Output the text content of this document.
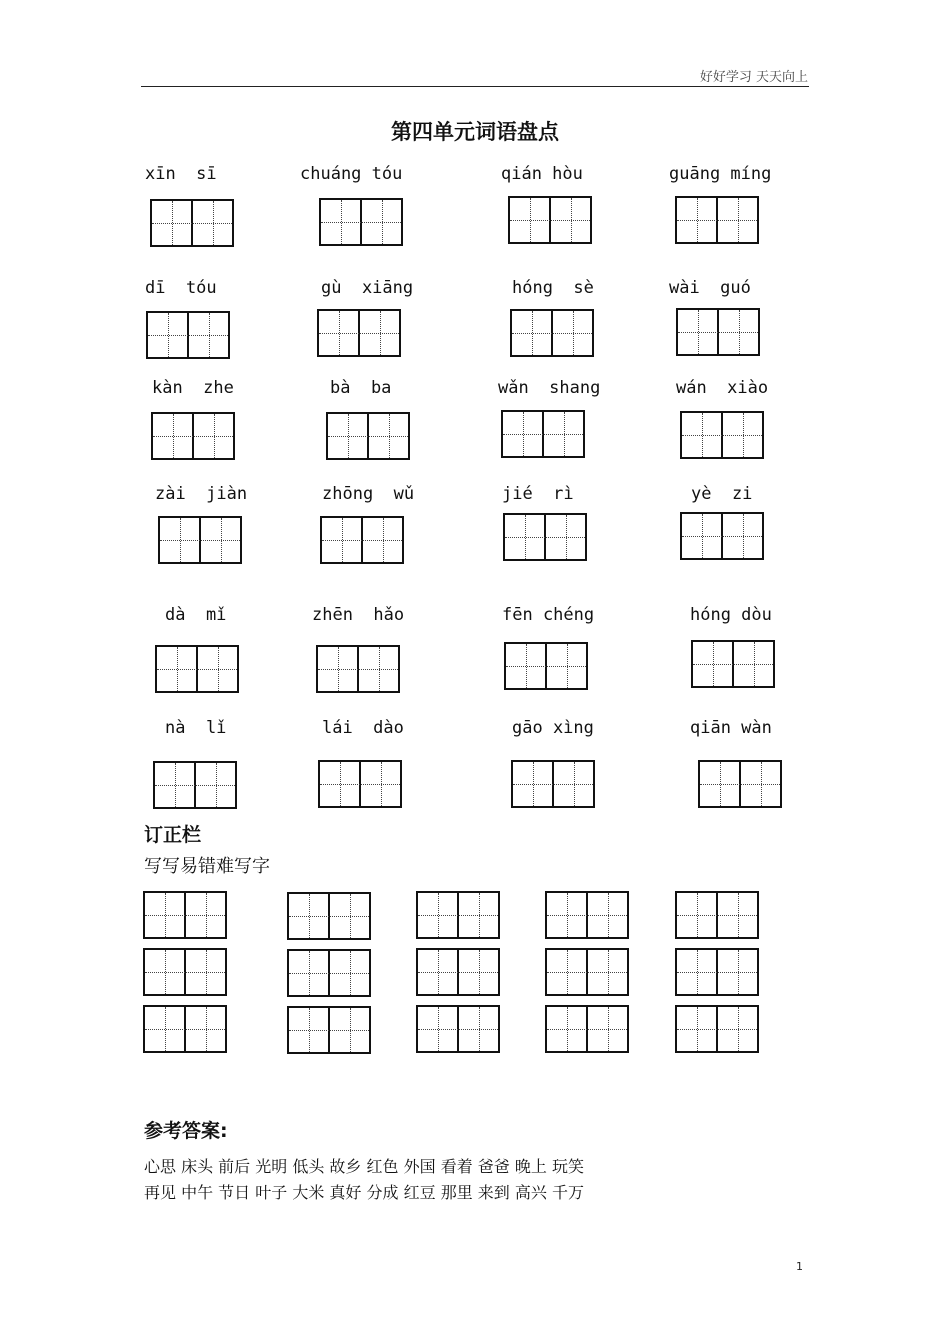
好好学习 天天向上
第四单元词语盘点
xīn  sī	chuáng tóu	qián hòu	guāng míng
dī  tóu	gù  xiāng	hóng  sè	wài  guó
kàn  zhe	bà  ba	wǎn  shang	wán  xiào
zài  jiàn	zhōng  wǔ	jié  rì	yè  zi
dà  mǐ	zhēn  hǎo	fēn chéng	hóng dòu
nà  lǐ	lái  dào	gāo xìng	qiān wàn
订正栏
写写易错难写字
参考答案:
心思 床头 前后 光明 低头 故乡 红色 外国 看着 爸爸 晚上 玩笑
再见 中午 节日 叶子 大米 真好 分成 红豆 那里 来到 高兴 千万
1
